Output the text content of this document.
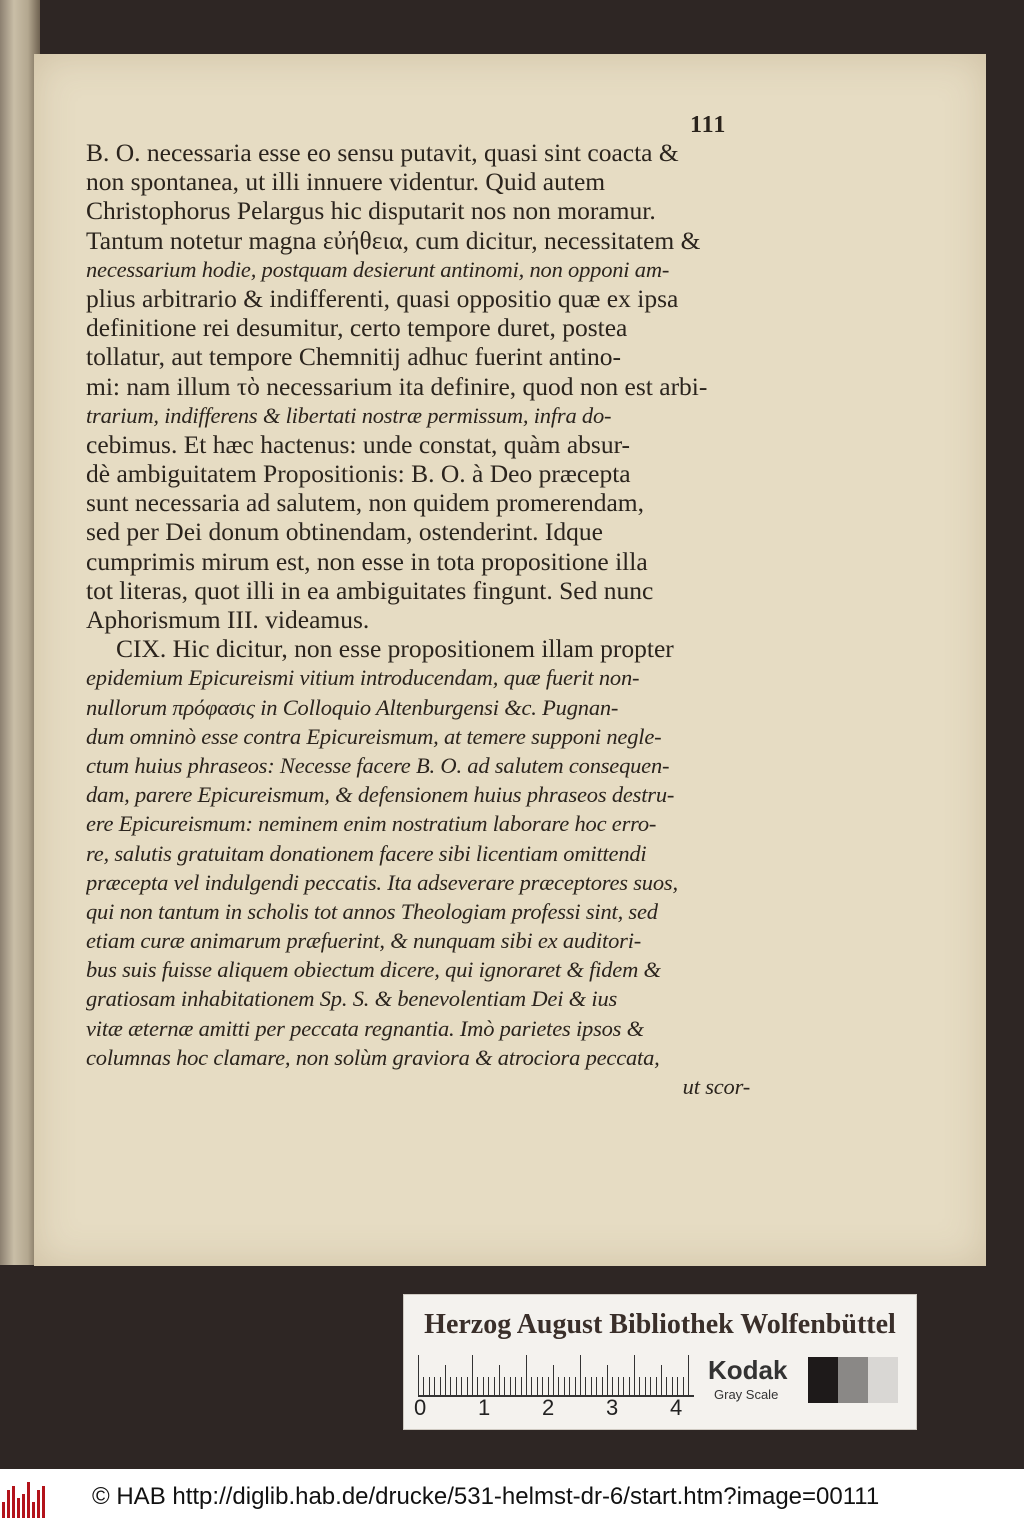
111
B. O. necessaria esse eo sensu putavit, quasi sint coacta &
non spontanea, ut illi innuere videntur. Quid autem
Christophorus Pelargus hic disputarit nos non moramur.
Tantum notetur magna εὐήθεια, cum dicitur, necessitatem &
necessarium hodie, postquam desierunt antinomi, non opponi am-
plius arbitrario & indifferenti, quasi oppositio quæ ex ipsa
definitione rei desumitur, certo tempore duret, postea
tollatur, aut tempore Chemnitij adhuc fuerint antino-
mi: nam illum τὸ necessarium ita definire, quod non est arbi-
trarium, indifferens & libertati nostræ permissum, infra do-
cebimus. Et hæc hactenus: unde constat, quàm absur-
dè ambiguitatem Propositionis: B. O. à Deo præcepta
sunt necessaria ad salutem, non quidem promerendam,
sed per Dei donum obtinendam, ostenderint. Idque
cumprimis mirum est, non esse in tota propositione illa
tot literas, quot illi in ea ambiguitates fingunt. Sed nunc
Aphorismum III. videamus.
CIX. Hic dicitur, non esse propositionem illam propter
epidemium Epicureismi vitium introducendam, quæ fuerit non-
nullorum πρόφασις in Colloquio Altenburgensi &c. Pugnan-
dum omninò esse contra Epicureismum, at temere supponi negle-
ctum huius phraseos: Necesse facere B. O. ad salutem consequen-
dam, parere Epicureismum, & defensionem huius phraseos destru-
ere Epicureismum: neminem enim nostratium laborare hoc erro-
re, salutis gratuitam donationem facere sibi licentiam omittendi
præcepta vel indulgendi peccatis. Ita adseverare præceptores suos,
qui non tantum in scholis tot annos Theologiam professi sint, sed
etiam curæ animarum præfuerint, & nunquam sibi ex auditori-
bus suis fuisse aliquem obiectum dicere, qui ignoraret & fidem &
gratiosam inhabitationem Sp. S. & benevolentiam Dei & ius
vitæ æternæ amitti per peccata regnantia. Imò parietes ipsos &
columnas hoc clamare, non solùm graviora & atrociora peccata,
ut scor-
Herzog August Bibliothek Wolfenbüttel
0 1 2 3 4
Kodak
Gray Scale
© HAB http://diglib.hab.de/drucke/531-helmst-dr-6/start.htm?image=00111
